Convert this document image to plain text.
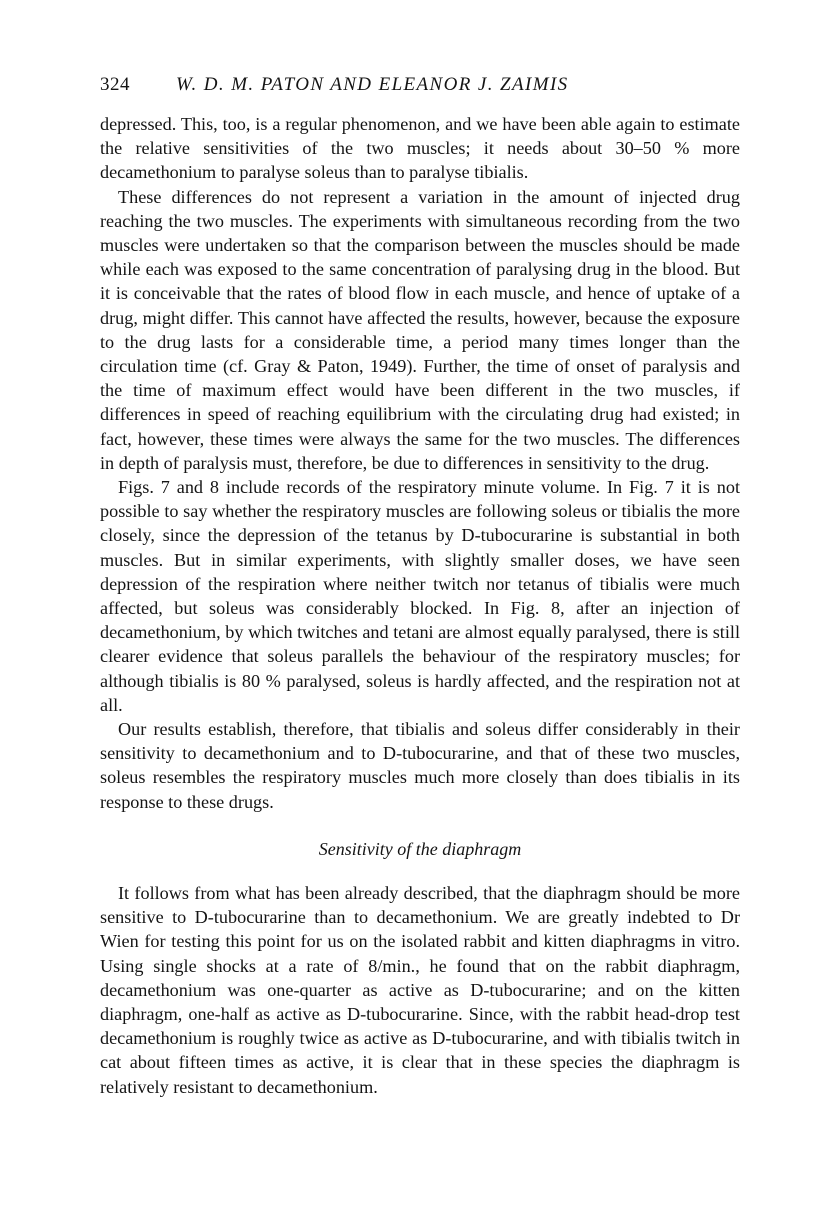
324	W. D. M. PATON AND ELEANOR J. ZAIMIS

depressed. This, too, is a regular phenomenon, and we have been able again to estimate the relative sensitivities of the two muscles; it needs about 30–50 % more decamethonium to paralyse soleus than to paralyse tibialis.

These differences do not represent a variation in the amount of injected drug reaching the two muscles. The experiments with simultaneous recording from the two muscles were undertaken so that the comparison between the muscles should be made while each was exposed to the same concentration of paralysing drug in the blood. But it is conceivable that the rates of blood flow in each muscle, and hence of uptake of a drug, might differ. This cannot have affected the results, however, because the exposure to the drug lasts for a considerable time, a period many times longer than the circulation time (cf. Gray & Paton, 1949). Further, the time of onset of paralysis and the time of maximum effect would have been different in the two muscles, if differences in speed of reaching equilibrium with the circulating drug had existed; in fact, however, these times were always the same for the two muscles. The differences in depth of paralysis must, therefore, be due to differences in sensitivity to the drug.

Figs. 7 and 8 include records of the respiratory minute volume. In Fig. 7 it is not possible to say whether the respiratory muscles are following soleus or tibialis the more closely, since the depression of the tetanus by D-tubocurarine is substantial in both muscles. But in similar experiments, with slightly smaller doses, we have seen depression of the respiration where neither twitch nor tetanus of tibialis were much affected, but soleus was considerably blocked. In Fig. 8, after an injection of decamethonium, by which twitches and tetani are almost equally paralysed, there is still clearer evidence that soleus parallels the behaviour of the respiratory muscles; for although tibialis is 80 % paralysed, soleus is hardly affected, and the respiration not at all.

Our results establish, therefore, that tibialis and soleus differ considerably in their sensitivity to decamethonium and to D-tubocurarine, and that of these two muscles, soleus resembles the respiratory muscles much more closely than does tibialis in its response to these drugs.

Sensitivity of the diaphragm

It follows from what has been already described, that the diaphragm should be more sensitive to D-tubocurarine than to decamethonium. We are greatly indebted to Dr Wien for testing this point for us on the isolated rabbit and kitten diaphragms in vitro. Using single shocks at a rate of 8/min., he found that on the rabbit diaphragm, decamethonium was one-quarter as active as D-tubocurarine; and on the kitten diaphragm, one-half as active as D-tubocurarine. Since, with the rabbit head-drop test decamethonium is roughly twice as active as D-tubocurarine, and with tibialis twitch in cat about fifteen times as active, it is clear that in these species the diaphragm is relatively resistant to decamethonium.
